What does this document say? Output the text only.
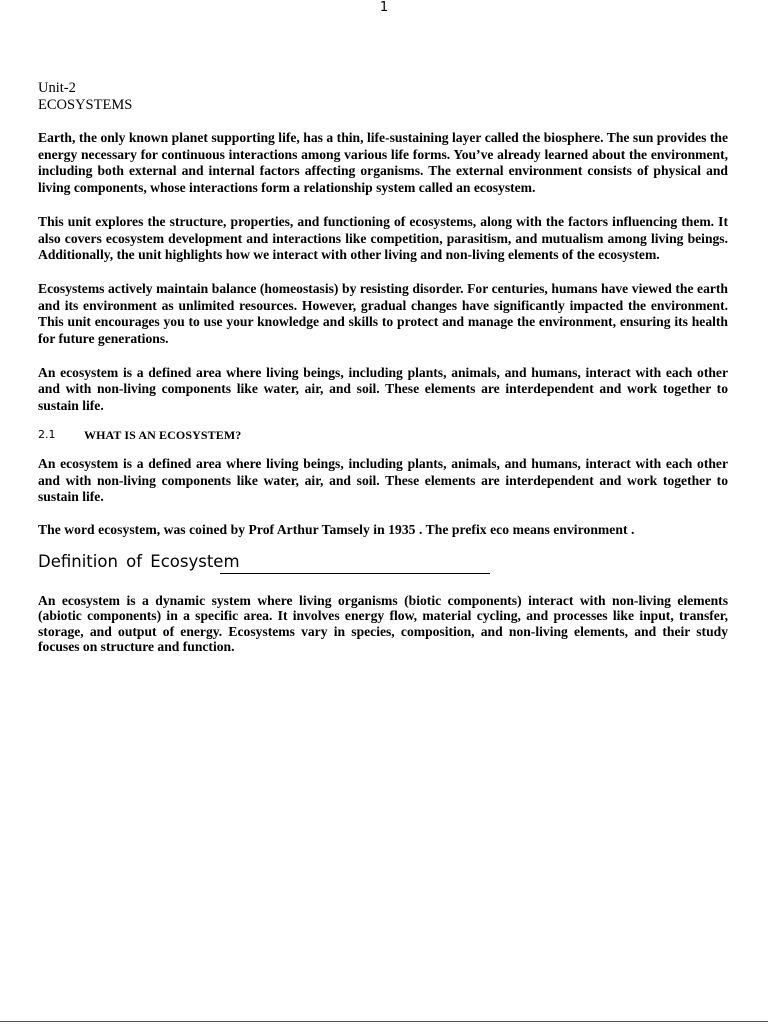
1
Unit-2
ECOSYSTEMS

Earth, the only known planet supporting life, has a thin, life-sustaining layer called the biosphere. The sun provides the energy necessary for continuous interactions among various life forms. You’ve already learned about the environment, including both external and internal factors affecting organisms. The external environment consists of physical and living components, whose interactions form a relationship system called an ecosystem.

This unit explores the structure, properties, and functioning of ecosystems, along with the factors influencing them. It also covers ecosystem development and interactions like competition, parasitism, and mutualism among living beings. Additionally, the unit highlights how we interact with other living and non-living elements of the ecosystem.

Ecosystems actively maintain balance (homeostasis) by resisting disorder. For centuries, humans have viewed the earth and its environment as unlimited resources. However, gradual changes have significantly impacted the environment. This unit encourages you to use your knowledge and skills to protect and manage the environment, ensuring its health for future generations.

An ecosystem is a defined area where living beings, including plants, animals, and humans, interact with each other and with non-living components like water, air, and soil. These elements are interdependent and work together to sustain life.

2.1	WHAT IS AN ECOSYSTEM?

An ecosystem is a defined area where living beings, including plants, animals, and humans, interact with each other and with non-living components like water, air, and soil. These elements are interdependent and work together to sustain life.

The word ecosystem, was coined by Prof Arthur Tamsely in 1935 . The prefix eco means environment .

Definition of Ecosystem

An ecosystem is a dynamic system where living organisms (biotic components) interact with non-living elements (abiotic components) in a specific area. It involves energy flow, material cycling, and processes like input, transfer, storage, and output of energy. Ecosystems vary in species, composition, and non-living elements, and their study focuses on structure and function.
